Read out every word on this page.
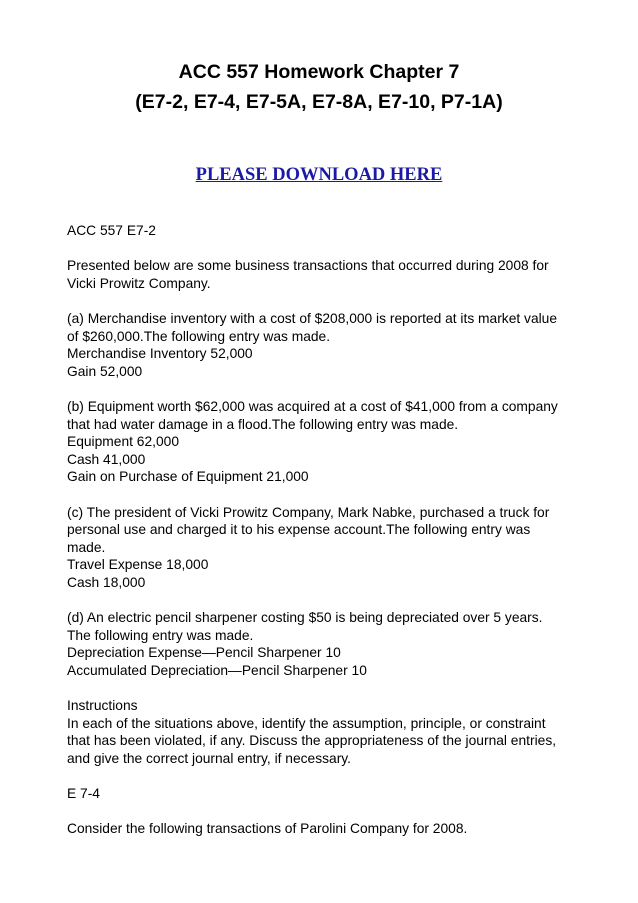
ACC 557 Homework Chapter 7
(E7-2, E7-4, E7-5A, E7-8A, E7-10, P7-1A)
PLEASE DOWNLOAD HERE
ACC 557 E7-2
Presented below are some business transactions that occurred during 2008 for
Vicki Prowitz Company.
(a) Merchandise inventory with a cost of $208,000 is reported at its market value
of $260,000.The following entry was made.
Merchandise Inventory 52,000
Gain 52,000
(b) Equipment worth $62,000 was acquired at a cost of $41,000 from a company
that had water damage in a flood.The following entry was made.
Equipment 62,000
Cash 41,000
Gain on Purchase of Equipment 21,000
(c) The president of Vicki Prowitz Company, Mark Nabke, purchased a truck for
personal use and charged it to his expense account.The following entry was
made.
Travel Expense 18,000
Cash 18,000
(d) An electric pencil sharpener costing $50 is being depreciated over 5 years.
The following entry was made.
Depreciation Expense—Pencil Sharpener 10
Accumulated Depreciation—Pencil Sharpener 10
Instructions
In each of the situations above, identify the assumption, principle, or constraint
that has been violated, if any. Discuss the appropriateness of the journal entries,
and give the correct journal entry, if necessary.
E 7-4
Consider the following transactions of Parolini Company for 2008.
